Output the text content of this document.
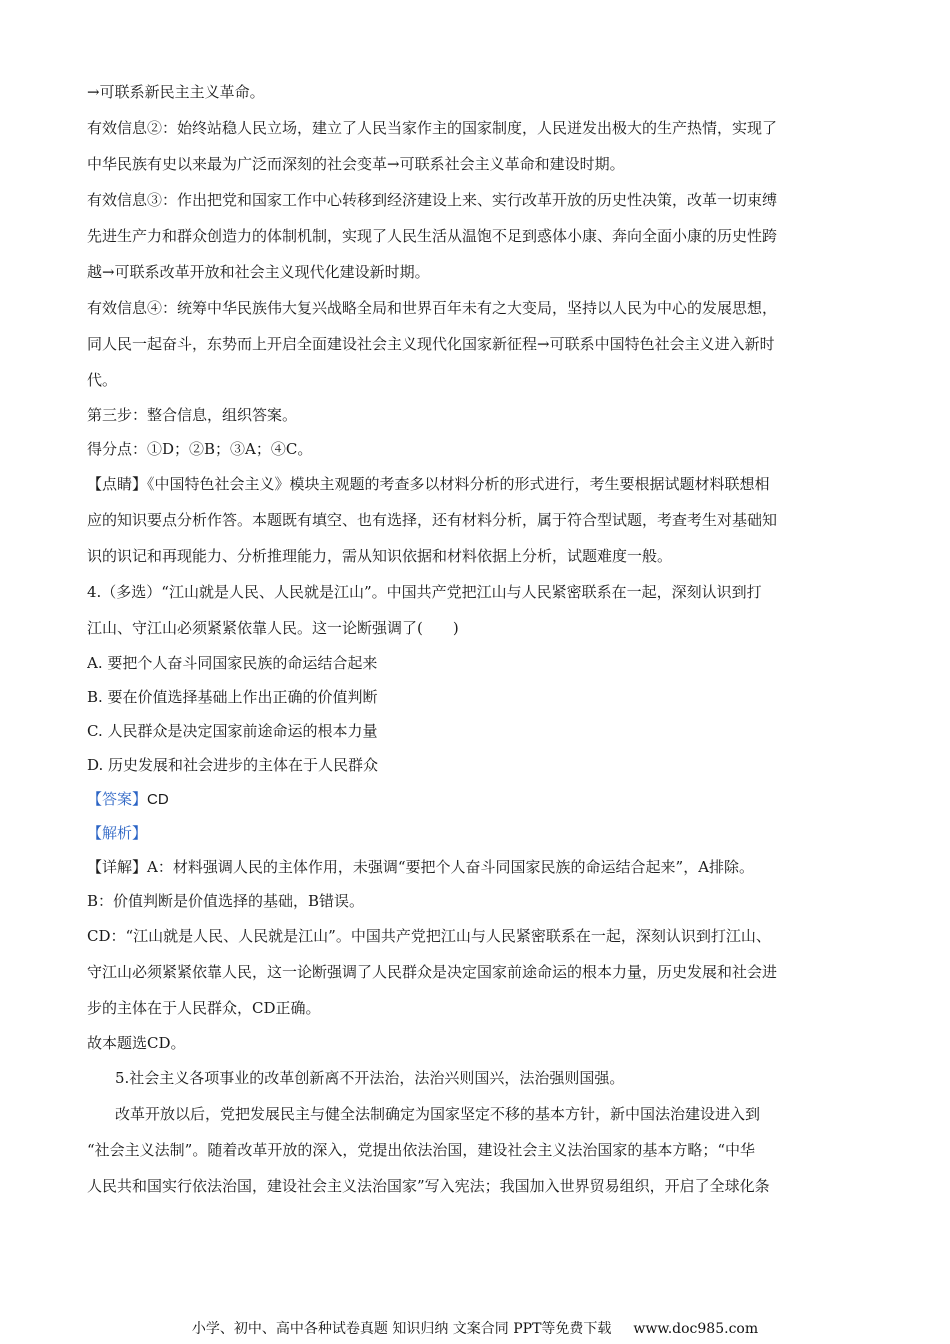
→可联系新民主主义革命。
有效信息②：始终站稳人民立场，建立了人民当家作主的国家制度，人民迸发出极大的生产热情，实现了
中华民族有史以来最为广泛而深刻的社会变革→可联系社会主义革命和建设时期。
有效信息③：作出把党和国家工作中心转移到经济建设上来、实行改革开放的历史性决策，改革一切束缚
先进生产力和群众创造力的体制机制，实现了人民生活从温饱不足到惑体小康、奔向全面小康的历史性跨
越→可联系改革开放和社会主义现代化建设新时期。
有效信息④：统筹中华民族伟大复兴战略全局和世界百年未有之大变局，坚持以人民为中心的发展思想，
同人民一起奋斗，东势而上开启全面建设社会主义现代化国家新征程→可联系中国特色社会主义进入新时
代。
第三步：整合信息，组织答案。
得分点：①D；②B；③A；④C。
【点睛】《中国特色社会主义》模块主观题的考查多以材料分析的形式进行，考生要根据试题材料联想相
应的知识要点分析作答。本题既有填空、也有选择，还有材料分析，属于符合型试题，考查考生对基础知
识的识记和再现能力、分析推理能力，需从知识依据和材料依据上分析，试题难度一般。
4.（多选）“江山就是人民、人民就是江山”。中国共产党把江山与人民紧密联系在一起，深刻认识到打
江山、守江山必须紧紧依靠人民。这一论断强调了(　　)
A. 要把个人奋斗同国家民族的命运结合起来
B. 要在价值选择基础上作出正确的价值判断
C. 人民群众是决定国家前途命运的根本力量
D. 历史发展和社会进步的主体在于人民群众
【答案】CD
【解析】
【详解】A：材料强调人民的主体作用，未强调“要把个人奋斗同国家民族的命运结合起来”，A排除。
B：价值判断是价值选择的基础，B错误。
CD：“江山就是人民、人民就是江山”。中国共产党把江山与人民紧密联系在一起，深刻认识到打江山、
守江山必须紧紧依靠人民，这一论断强调了人民群众是决定国家前途命运的根本力量，历史发展和社会进
步的主体在于人民群众，CD正确。
故本题选CD。
5.社会主义各项事业的改革创新离不开法治，法治兴则国兴，法治强则国强。
改革开放以后，党把发展民主与健全法制确定为国家坚定不移的基本方针，新中国法治建设进入到
“社会主义法制”。随着改革开放的深入，党提出依法治国，建设社会主义法治国家的基本方略；“中华
人民共和国实行依法治国，建设社会主义法治国家”写入宪法；我国加入世界贸易组织，开启了全球化条
小学、初中、高中各种试卷真题 知识归纳 文案合同 PPT等免费下载 www.doc985.com
